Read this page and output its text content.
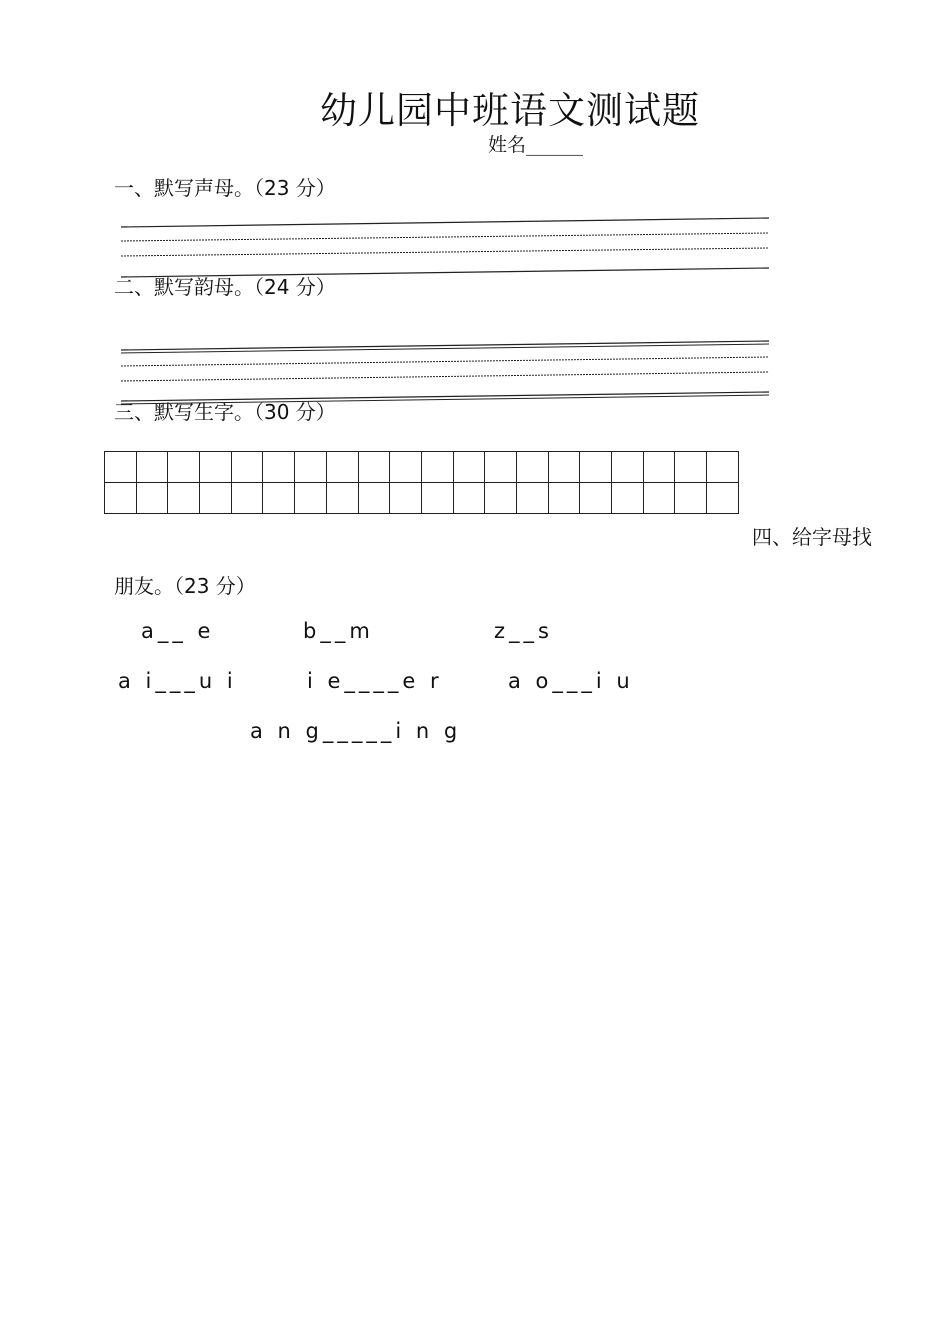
幼儿园中班语文测试题
姓名______
一、默写声母。（23 分）
二、默写韵母。（24 分）
三、默写生字。（30 分）

四、给字母找
朋友。（23 分）
a__ e	b__m	z__s
a i___u i	i e____e r	a o___i u
a n g_____i n g
